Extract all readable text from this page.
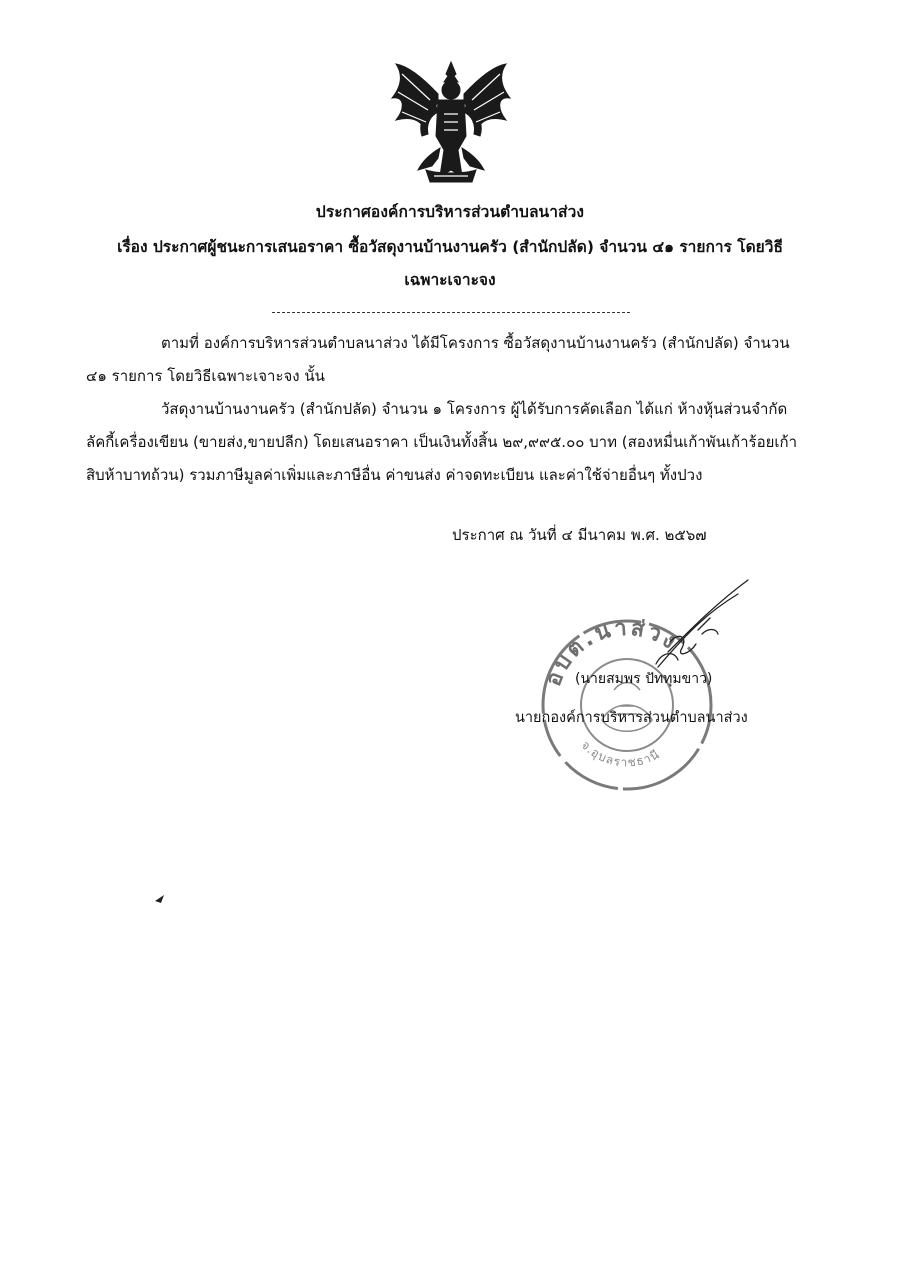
ประกาศองค์การบริหารส่วนตำบลนาส่วง
เรื่อง ประกาศผู้ชนะการเสนอราคา ซื้อวัสดุงานบ้านงานครัว (สำนักปลัด) จำนวน ๔๑ รายการ โดยวิธีเฉพาะเจาะจง
ตามที่ องค์การบริหารส่วนตำบลนาส่วง ได้มีโครงการ ซื้อวัสดุงานบ้านงานครัว (สำนักปลัด) จำนวน ๔๑ รายการ โดยวิธีเฉพาะเจาะจง นั้น
วัสดุงานบ้านงานครัว (สำนักปลัด) จำนวน ๑ โครงการ ผู้ได้รับการคัดเลือก ได้แก่ ห้างหุ้นส่วนจำกัด ลัคกี้เครื่องเขียน (ขายส่ง,ขายปลีก) โดยเสนอราคา เป็นเงินทั้งสิ้น ๒๙,๙๙๕.๐๐ บาท (สองหมื่นเก้าพันเก้าร้อยเก้าสิบห้าบาทถ้วน) รวมภาษีมูลค่าเพิ่มและภาษีอื่น ค่าขนส่ง ค่าจดทะเบียน และค่าใช้จ่ายอื่นๆ ทั้งปวง
ประกาศ ณ วันที่ ๔ มีนาคม พ.ศ. ๒๕๖๗
อบต.นาส่วง
จ.อุบลราชธานี
(นายสมพร ปัททุมขาว)
นายกองค์การบริหารส่วนตำบลนาส่วง
